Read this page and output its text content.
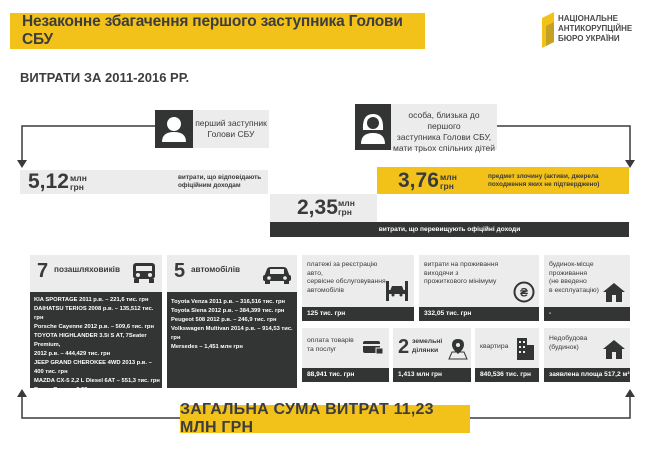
Незаконне збагачення першого заступника Голови СБУ
НАЦІОНАЛЬНЕ
АНТИКОРУПЦІЙНЕ
БЮРО УКРАЇНИ
ВИТРАТИ ЗА 2011-2016 РР.
перший заступник
Голови СБУ
особа, близька до першого
заступника Голови СБУ,
мати трьох спільних дітей
5,12 млн
грн
витрати, що відповідають
офіційним доходам	3,76 млн
грн
предмет злочину (активи, джерела
походження яких не підтверджено)
2,35 млн
грн
витрати, що перевищують офіційні доходи
7 позашляховиків
KIA SPORTAGE 2011 р.в. – 221,6 тис. грн
DAIHATSU TERIOS 2008 р.в. – 135,512 тис. грн
Porsche Cayenne 2012 р.в. – 509,6 тис. грн
TOYOTA HIGHLANDER 3.5i S AT, 7Seater Premium,
2012 р.в. – 444,429 тис. грн
JEEP GRAND CHEROKEE 4WD 2013 р.в. – 400 тис. грн
MAZDA CX-5 2,2 L Diesel 6AT – 551,3 тис. грн
Range Rover – 2,23 млн грн
5 автомобілів
Toyota Venza 2011 р.в. – 316,516 тис. грн
Toyota Siena 2012 р.в. – 384,399 тис. грн
Peugeot 508 2012 р.в. – 246,9 тис. грн
Volkswagen Multivan 2014 р.в. – 914,53 тис. грн
Mersedes – 1,451 млн грн
платежі за реєстрацію авто,
сервісне обслуговування
автомобілів
125 тис. грн
витрати на проживання
виходячи з
прожиткового мінімуму
₴
332,05 тис. грн
будинок-місце
проживання
(не введено
в експлуатацію)
-
оплата товарів
та послуг
88,941 тис. грн
2 земельні
ділянки
1,413 млн грн
квартира
840,536 тис. грн
Недобудова
(будинок)
заявлена площа 517,2 м²
ЗАГАЛЬНА СУМА ВИТРАТ 11,23 МЛН ГРН
